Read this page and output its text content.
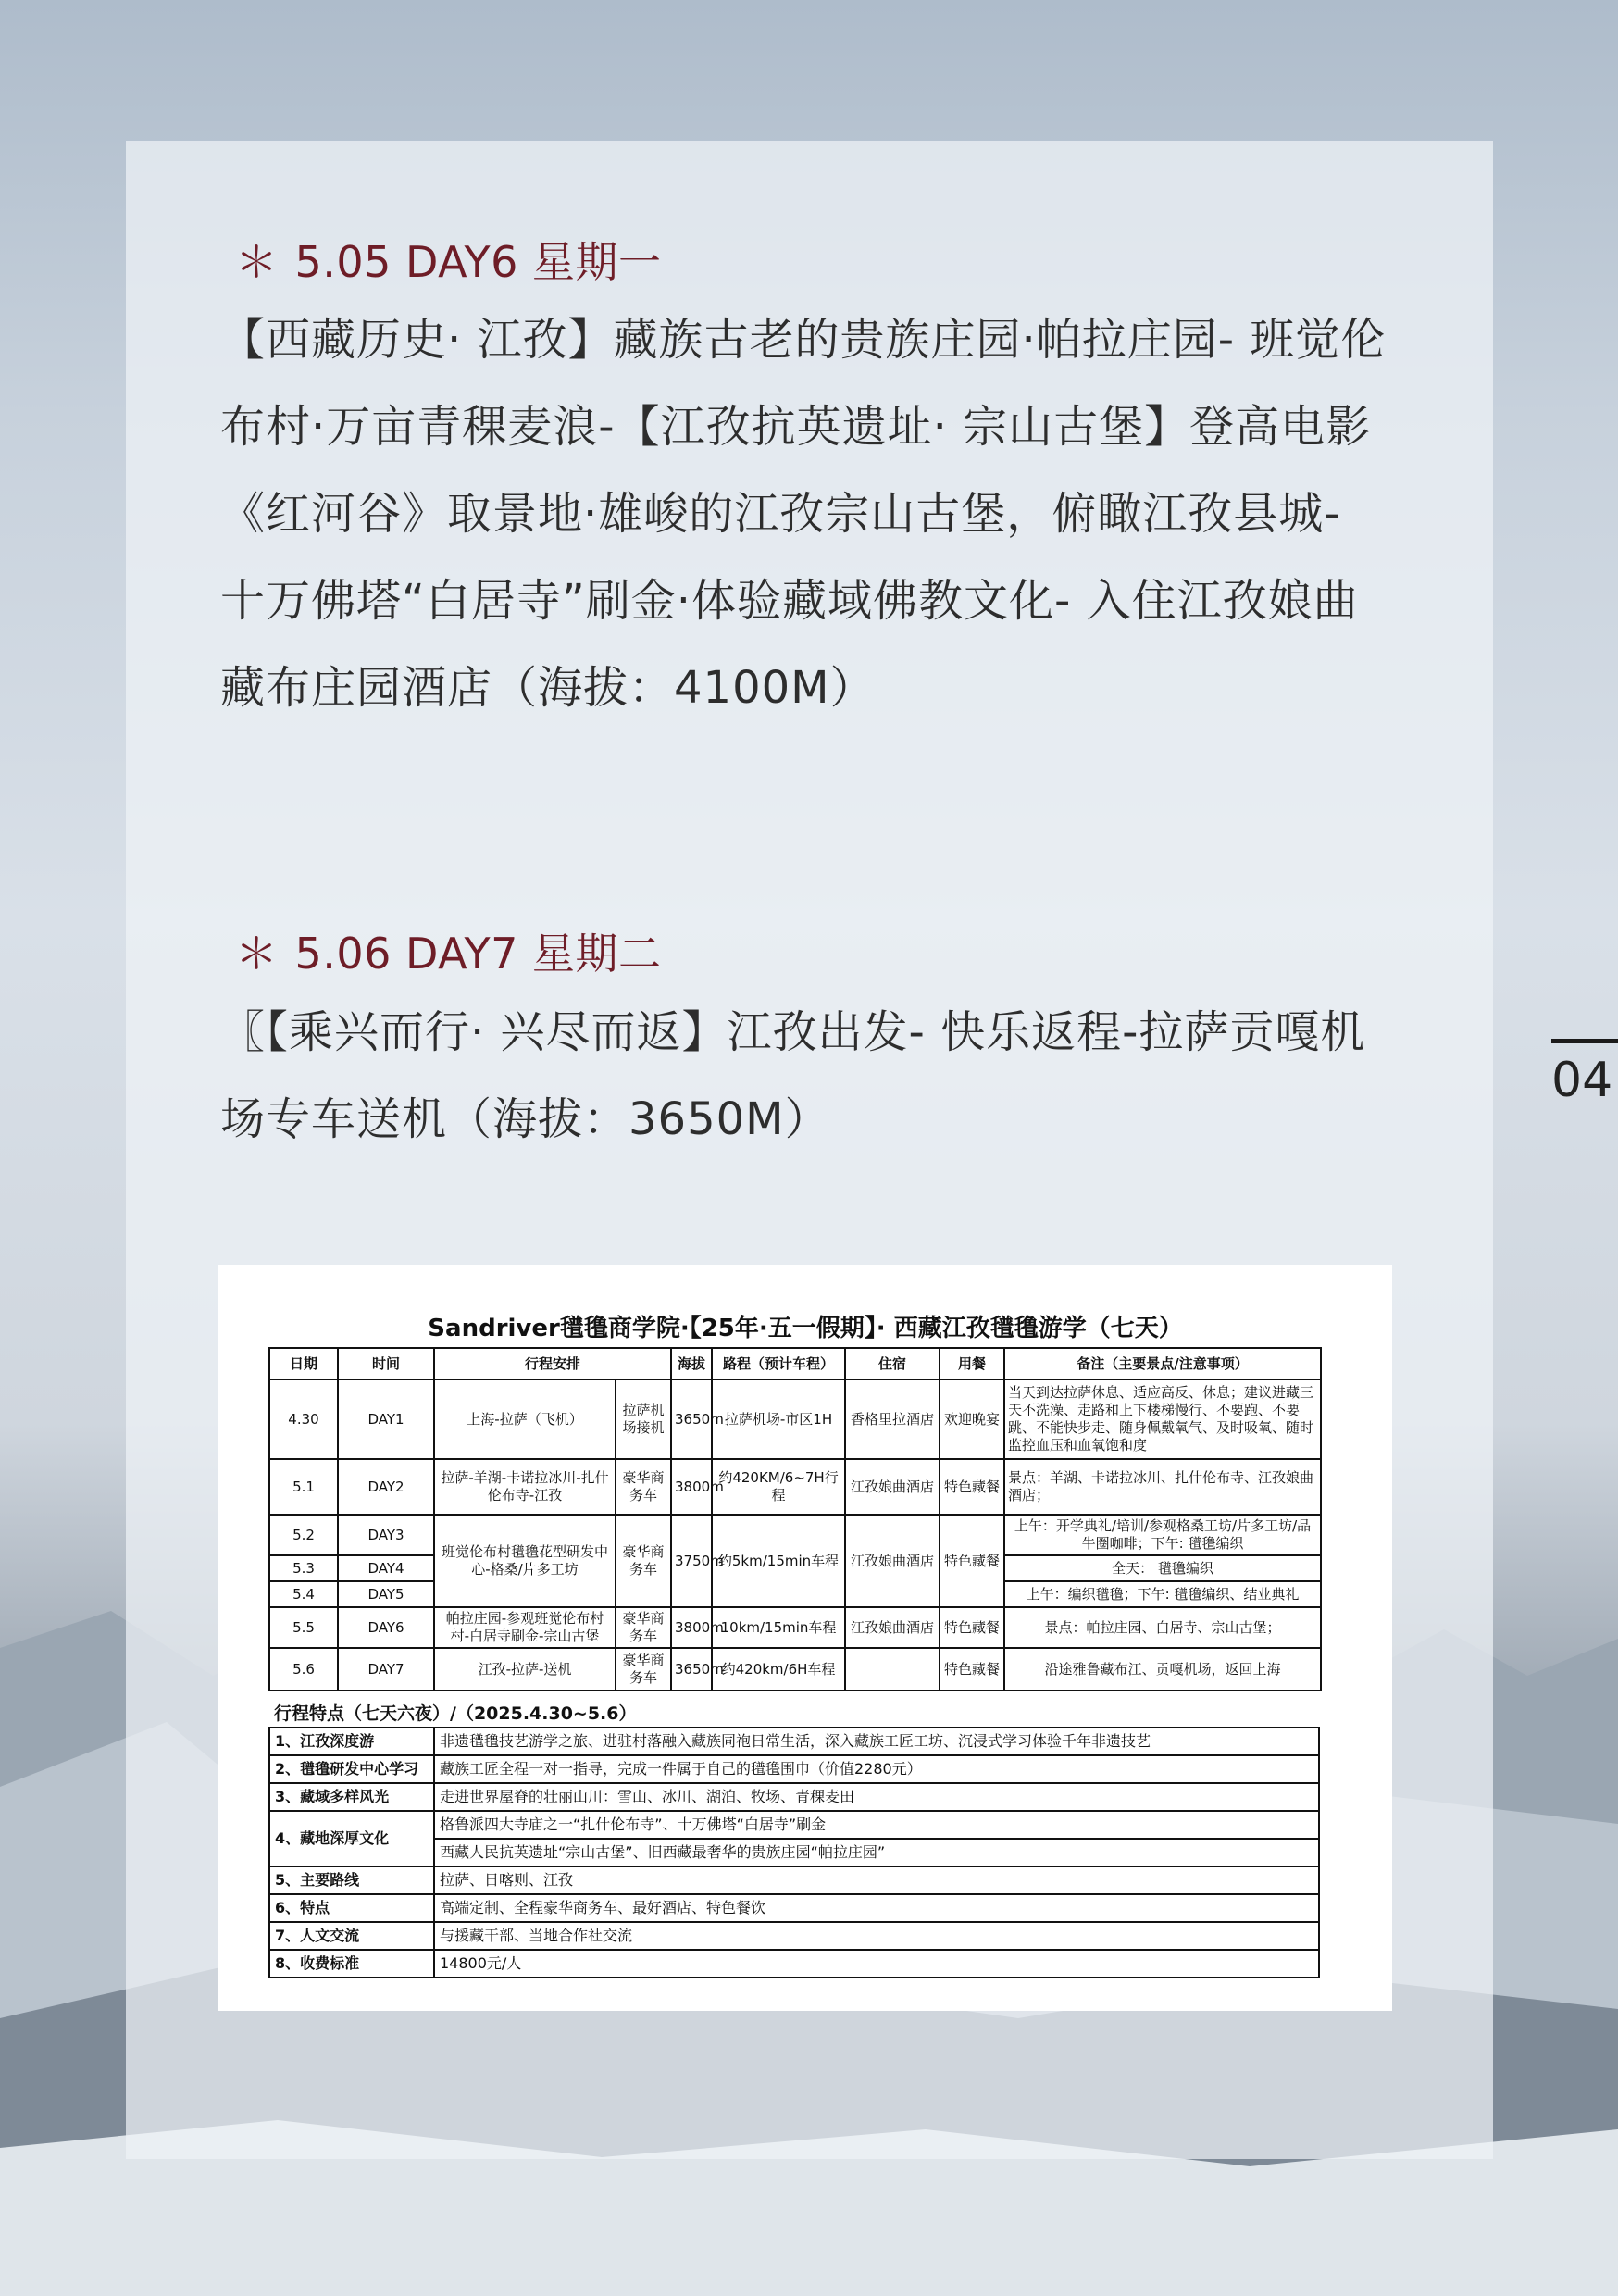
＊ 5.05 DAY6 星期一
【西藏历史· 江孜】藏族古老的贵族庄园·帕拉庄园- 班觉伦布村·万亩青稞麦浪-【江孜抗英遗址· 宗山古堡】登高电影《红河谷》取景地·雄峻的江孜宗山古堡，俯瞰江孜县城- 十万佛塔“白居寺”刷金·体验藏域佛教文化- 入住江孜娘曲藏布庄园酒店（海拔：4100M）
＊ 5.06 DAY7 星期二
〖【乘兴而行· 兴尽而返】江孜出发- 快乐返程-拉萨贡嘎机场专车送机（海拔：3650M）
04
Sandriver氆氇商学院·【25年·五一假期】· 西藏江孜氆氇游学（七天）
日期	时间	行程安排		海拔	路程（预计车程）	住宿	用餐	备注（主要景点/注意事项）
4.30	DAY1	上海-拉萨（飞机）	拉萨机场接机	3650m	拉萨机场-市区1H	香格里拉酒店	欢迎晚宴	当天到达拉萨休息、适应高反、休息；建议进藏三天不洗澡、走路和上下楼梯慢行、不要跑、不要跳、不能快步走、随身佩戴氧气、及时吸氧、随时监控血压和血氧饱和度
5.1	DAY2	拉萨-羊湖-卡诺拉冰川-扎什伦布寺-江孜	豪华商务车	3800m	约420KM/6~7H行程	江孜娘曲酒店	特色藏餐	景点：羊湖、卡诺拉冰川、扎什伦布寺、江孜娘曲酒店；
5.2	DAY3	班觉伦布村氆氇花型研发中心-格桑/片多工坊	豪华商务车	3750m	约5km/15min车程	江孜娘曲酒店	特色藏餐	上午：开学典礼/培训/参观格桑工坊/片多工坊/品牛圈咖啡；下午: 氆氇编织
5.3	DAY4							全天： 氆氇编织
5.4	DAY5							上午：编织氆氇；下午: 氆氇编织、结业典礼
5.5	DAY6	帕拉庄园-参观班觉伦布村村-白居寺刷金-宗山古堡	豪华商务车	3800m	10km/15min车程	江孜娘曲酒店	特色藏餐	景点：帕拉庄园、白居寺、宗山古堡；
5.6	DAY7	江孜-拉萨-送机	豪华商务车	3650m	约420km/6H车程		特色藏餐	沿途雅鲁藏布江、贡嘎机场，返回上海
行程特点（七天六夜）/（2025.4.30~5.6）
1、江孜深度游	非遗氆氇技艺游学之旅、进驻村落融入藏族同袍日常生活，深入藏族工匠工坊、沉浸式学习体验千年非遗技艺
2、氆氇研发中心学习	藏族工匠全程一对一指导，完成一件属于自己的氆氇围巾（价值2280元）
3、藏域多样风光	走进世界屋脊的壮丽山川：雪山、冰川、湖泊、牧场、青稞麦田
4、藏地深厚文化	格鲁派四大寺庙之一“扎什伦布寺”、十万佛塔“白居寺”刷金
	西藏人民抗英遗址“宗山古堡”、旧西藏最奢华的贵族庄园“帕拉庄园”
5、主要路线	拉萨、日喀则、江孜
6、特点	高端定制、全程豪华商务车、最好酒店、特色餐饮
7、人文交流	与援藏干部、当地合作社交流
8、收费标准	14800元/人
